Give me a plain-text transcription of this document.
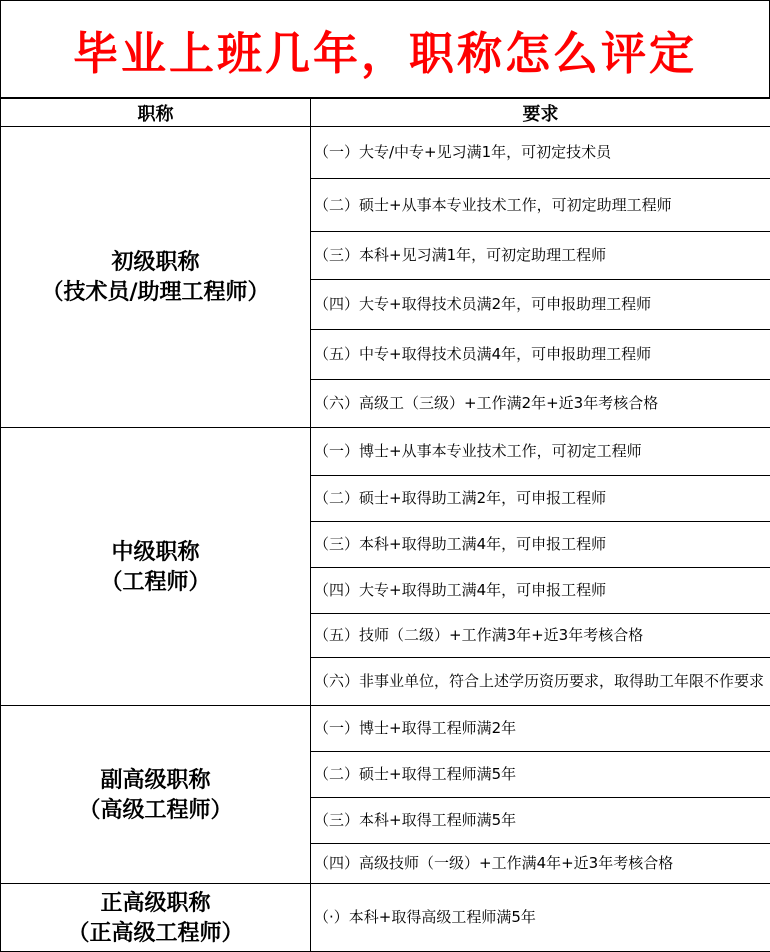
毕业上班几年，职称怎么评定
职称	要求

初级职称
（技术员/助理工程师）	（一）大专/中专+见习满1年，可初定技术员
	（二）硕士+从事本专业技术工作，可初定助理工程师
	（三）本科+见习满1年，可初定助理工程师
	（四）大专+取得技术员满2年，可申报助理工程师
	（五）中专+取得技术员满4年，可申报助理工程师
	（六）高级工（三级）+工作满2年+近3年考核合格

中级职称
（工程师）	（一）博士+从事本专业技术工作，可初定工程师
	（二）硕士+取得助工满2年，可申报工程师
	（三）本科+取得助工满4年，可申报工程师
	（四）大专+取得助工满4年，可申报工程师
	（五）技师（二级）+工作满3年+近3年考核合格
	（六）非事业单位，符合上述学历资历要求，取得助工年限不作要求

副高级职称
（高级工程师）	（一）博士+取得工程师满2年
	（二）硕士+取得工程师满5年
	（三）本科+取得工程师满5年
	（四）高级技师（一级）+工作满4年+近3年考核合格

正高级职称
（正高级工程师）	（·）本科+取得高级工程师满5年
